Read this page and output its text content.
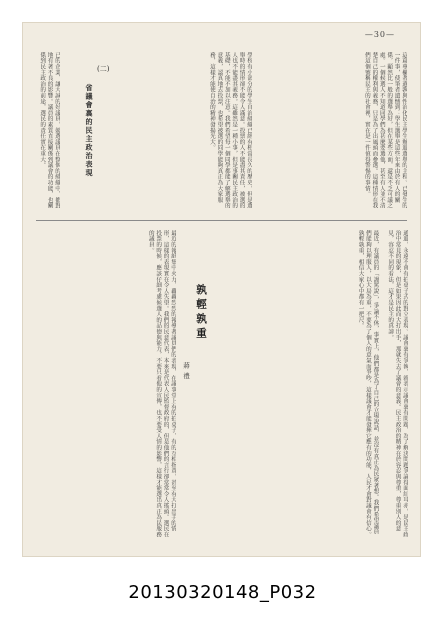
—30—
這篇專欄著遺孰與性治化民主學生辦過選舉的主程。已發生的一件事，使筆者遺憾到：學生選舉是這些年來由於有人的關係，顯然比一般的選舉為好，但在某些方面，還是不乏可議之處。一個候選人不知道同學們為甚麼要選他，甚至有人並不清楚自己的權利與義務，只是為了出風頭而參選。這種情形在我們這個號稱民主的社會裡，實在是一件值得警惕的事情。
學校有小部分的學生自治組織已經有相當長久的歷史，但是選舉時的情形卻不能令人滿意。投票的人不能盡其責任，被選的人也不能盡其義務。這雖然是一種小事，但是事關民主政治的基礎，不能不加以注意。我們希望每一個同學都能了解選舉的意義，認真地去投票，也希望被選的同學能夠真正為大家服務，這樣才能使自治的精神發揚光大。
已的企業、謙大誠的好議員，競選議員在整個的組織中，都對地有著不良的影響。議員的素質直接關係到議會的功能，也關係到民主政治的前途，選民的責任實在重大。	(二)
省議會裏的民主政治表現
最近的報紙集中火力，轟轟烈烈的報導著議員們的表現，在議事堂上有的拍桌子，有的互相指責，甚至有大打出手的情形，這樣的表現實在令人失望。我們的民意代表，本來是代表人民監督政府的，但是他們的言行卻常常令人搖頭。選民在投票的時候，應該仔細考慮候選人的品德與能力，不要只看他的宣傳，也不要受人情的影響，這樣才能選出真正為民服務的議員。
孰輕孰重
蔣禮	通過，永遠不會有拍桌子式的對立表現。議會裏有爭執，就表示議會裏有問題，為了解決問題爭論得面紅耳赤，是民主政治中常見的現象，但是如果因此而大打出手，那就失去了議會的意義。民主政治的精神在於容忍與尊重，尊重別人的意見，容忍不同的看法，這才是民主的真諦。

最近，有議員的「謾罵說」，爭論不休，事實上，他們都是為了自己的立場說話，並沒有真正為民眾著想。我們希望議員們能夠以理服人，以大局為重，不要為了個人的意氣而爭吵，這樣議會才能發揮它應有的功能，人民才會對議會有信心。孰輕孰重，相信大家心中都有一把尺。
20130320148_P032
